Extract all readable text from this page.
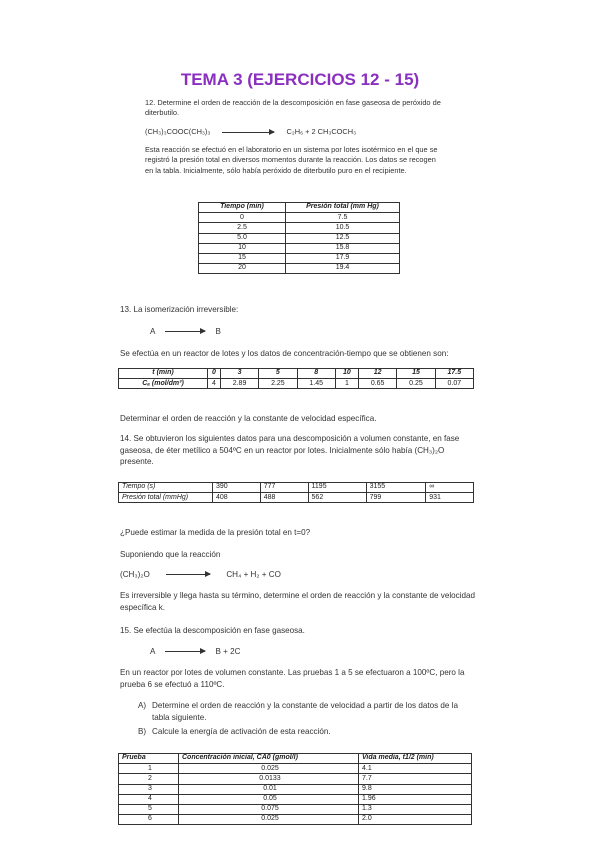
TEMA 3 (EJERCICIOS 12 - 15)
12. Determine el orden de reacción de la descomposición en fase gaseosa de peróxido de diterbutilo.
(CH₃)₃COOC(CH₃)₃	C₂H₆ + 2 CH₃COCH₃
Esta reacción se efectuó en el laboratorio en un sistema por lotes isotérmico en el que se registró la presión total en diversos momentos durante la reacción. Los datos se recogen en la tabla. Inicialmente, sólo había peróxido de diterbutilo puro en el recipiente.
Tiempo (min)	Presión total (mm Hg)
0	7.5
2.5	10.5
5.0	12.5
10	15.8
15	17.9
20	19.4
13. La isomerización irreversible:
A	B
Se efectúa en un reactor de lotes y los datos de concentración-tiempo que se obtienen son:
t (min)	0	3	5	8	10	12	15	17.5
Cₐ (mol/dm³)	4	2.89	2.25	1.45	1	0.65	0.25	0.07
Determinar el orden de reacción y la constante de velocidad específica.
14. Se obtuvieron los siguientes datos para una descomposición a volumen constante, en fase gaseosa, de éter metílico a 504ºC en un reactor por lotes. Inicialmente sólo había (CH₃)₂O presente.
Tiempo (s)	390	777	1195	3155	∞
Presión total (mmHg)	408	488	562	799	931
¿Puede estimar la medida de la presión total en t=0?
Suponiendo que la reacción
(CH₃)₂O	CH₄ + H₂ + CO
Es irreversible y llega hasta su término, determine el orden de reacción y la constante de velocidad específica k.
15. Se efectúa la descomposición en fase gaseosa.
A	B + 2C
En un reactor por lotes de volumen constante. Las pruebas 1 a 5 se efectuaron a 100ºC, pero la prueba 6 se efectuó a 110ºC.
A) Determine el orden de reacción y la constante de velocidad a partir de los datos de la tabla siguiente.
B) Calcule la energía de activación de esta reacción.
Prueba	Concentración inicial, CA0 (gmol/l)	Vida media, t1/2 (min)
1	0.025	4.1
2	0.0133	7.7
3	0.01	9.8
4	0.05	1.96
5	0.075	1.3
6	0.025	2.0
